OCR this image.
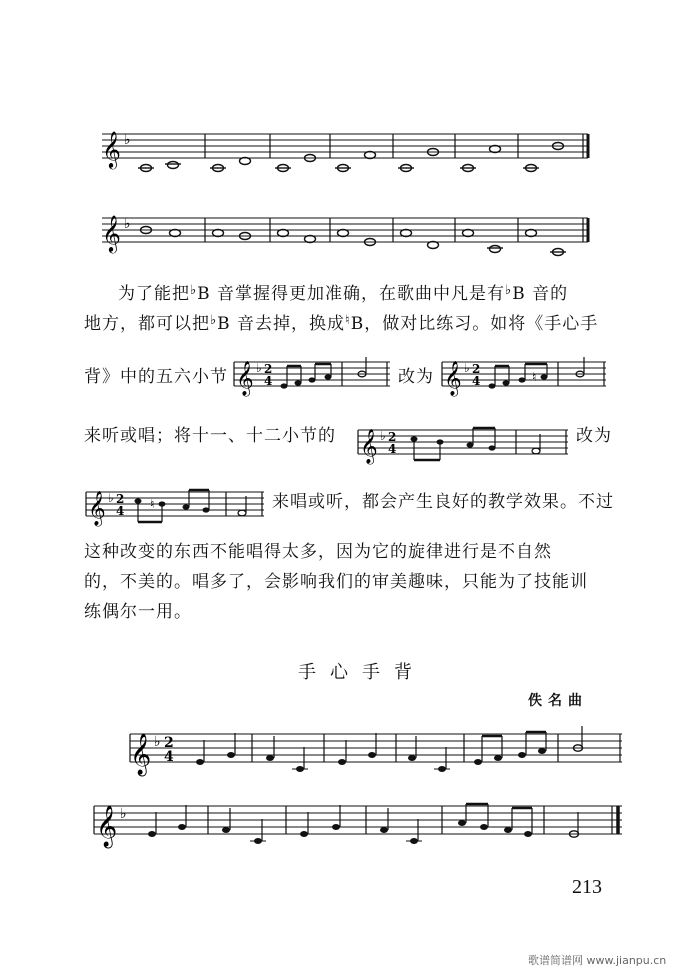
𝄞 ♭
𝄞 ♭
为了能把♭B 音掌握得更加准确，在歌曲中凡是有♭B 音的
地方，都可以把♭B 音去掉，换成♮B，做对比练习。如将《手心手
背》中的五六小节 𝄞 ♭ 2
4	改为 𝄞 ♭ 2
4	♮
来听或唱；将十一、十二小节的 𝄞 ♭ 2
4
改为
𝄞 ♭ 2
4 ♮	来唱或听，都会产生良好的教学效果。不过
这种改变的东西不能唱得太多，因为它的旋律进行是不自然
的，不美的。唱多了，会影响我们的审美趣味，只能为了技能训
练偶尔一用。
手心手背
佚名曲
𝄞 ♭ 2
4
𝄞 ♭
213
歌谱简谱网 www.jianpu.cn
